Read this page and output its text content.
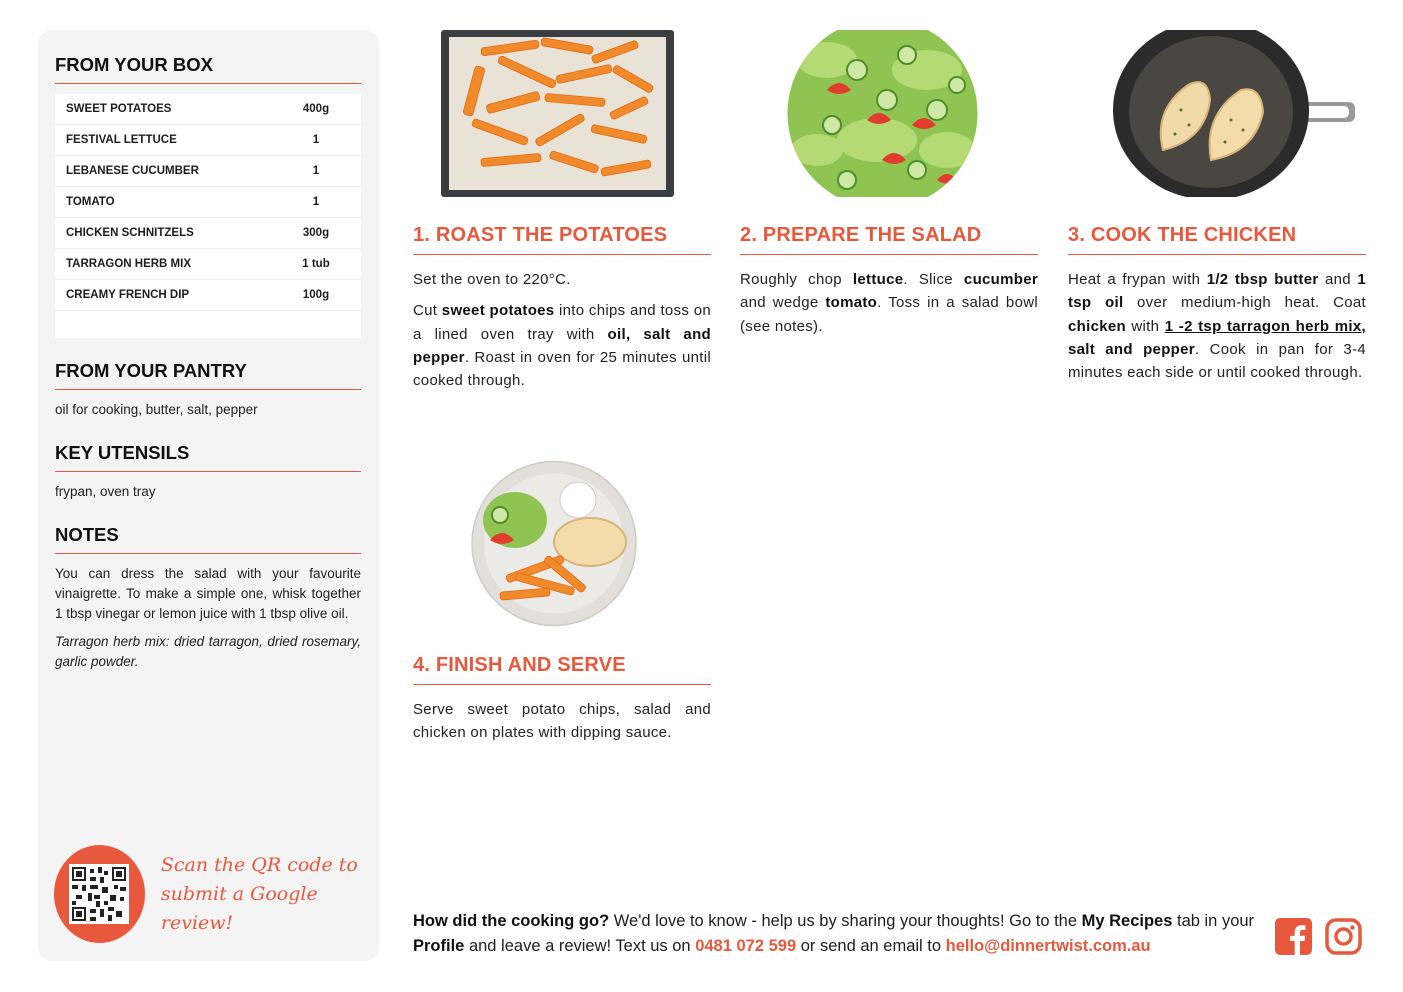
FROM YOUR BOX
SWEET POTATOES	400g
FESTIVAL LETTUCE	1
LEBANESE CUCUMBER	1
TOMATO	1
CHICKEN SCHNITZELS	300g
TARRAGON HERB MIX	1 tub
CREAMY FRENCH DIP	100g
FROM YOUR PANTRY
oil for cooking, butter, salt, pepper
KEY UTENSILS
frypan, oven tray
NOTES
You can dress the salad with your favourite vinaigrette. To make a simple one, whisk together 1 tbsp vinegar or lemon juice with 1 tbsp olive oil.
Tarragon herb mix: dried tarragon, dried rosemary, garlic powder.
Scan the QR code to
submit a Google review!
1. ROAST THE POTATOES

Set the oven to 220°C.

Cut sweet potatoes into chips and toss on a lined oven tray with oil, salt and pepper. Roast in oven for 25 minutes until cooked through.

2. PREPARE THE SALAD

Roughly chop lettuce. Slice cucumber and wedge tomato. Toss in a salad bowl (see notes).

3. COOK THE CHICKEN

Heat a frypan with 1/2 tbsp butter and 1 tsp oil over medium-high heat. Coat chicken with 1 -2 tsp tarragon herb mix, salt and pepper. Cook in pan for 3-4 minutes each side or until cooked through.

4. FINISH AND SERVE

Serve sweet potato chips, salad and chicken on plates with dipping sauce.

How did the cooking go? We'd love to know - help us by sharing your thoughts! Go to the My Recipes tab in your Profile and leave a review! Text us on 0481 072 599 or send an email to hello@dinnertwist.com.au
